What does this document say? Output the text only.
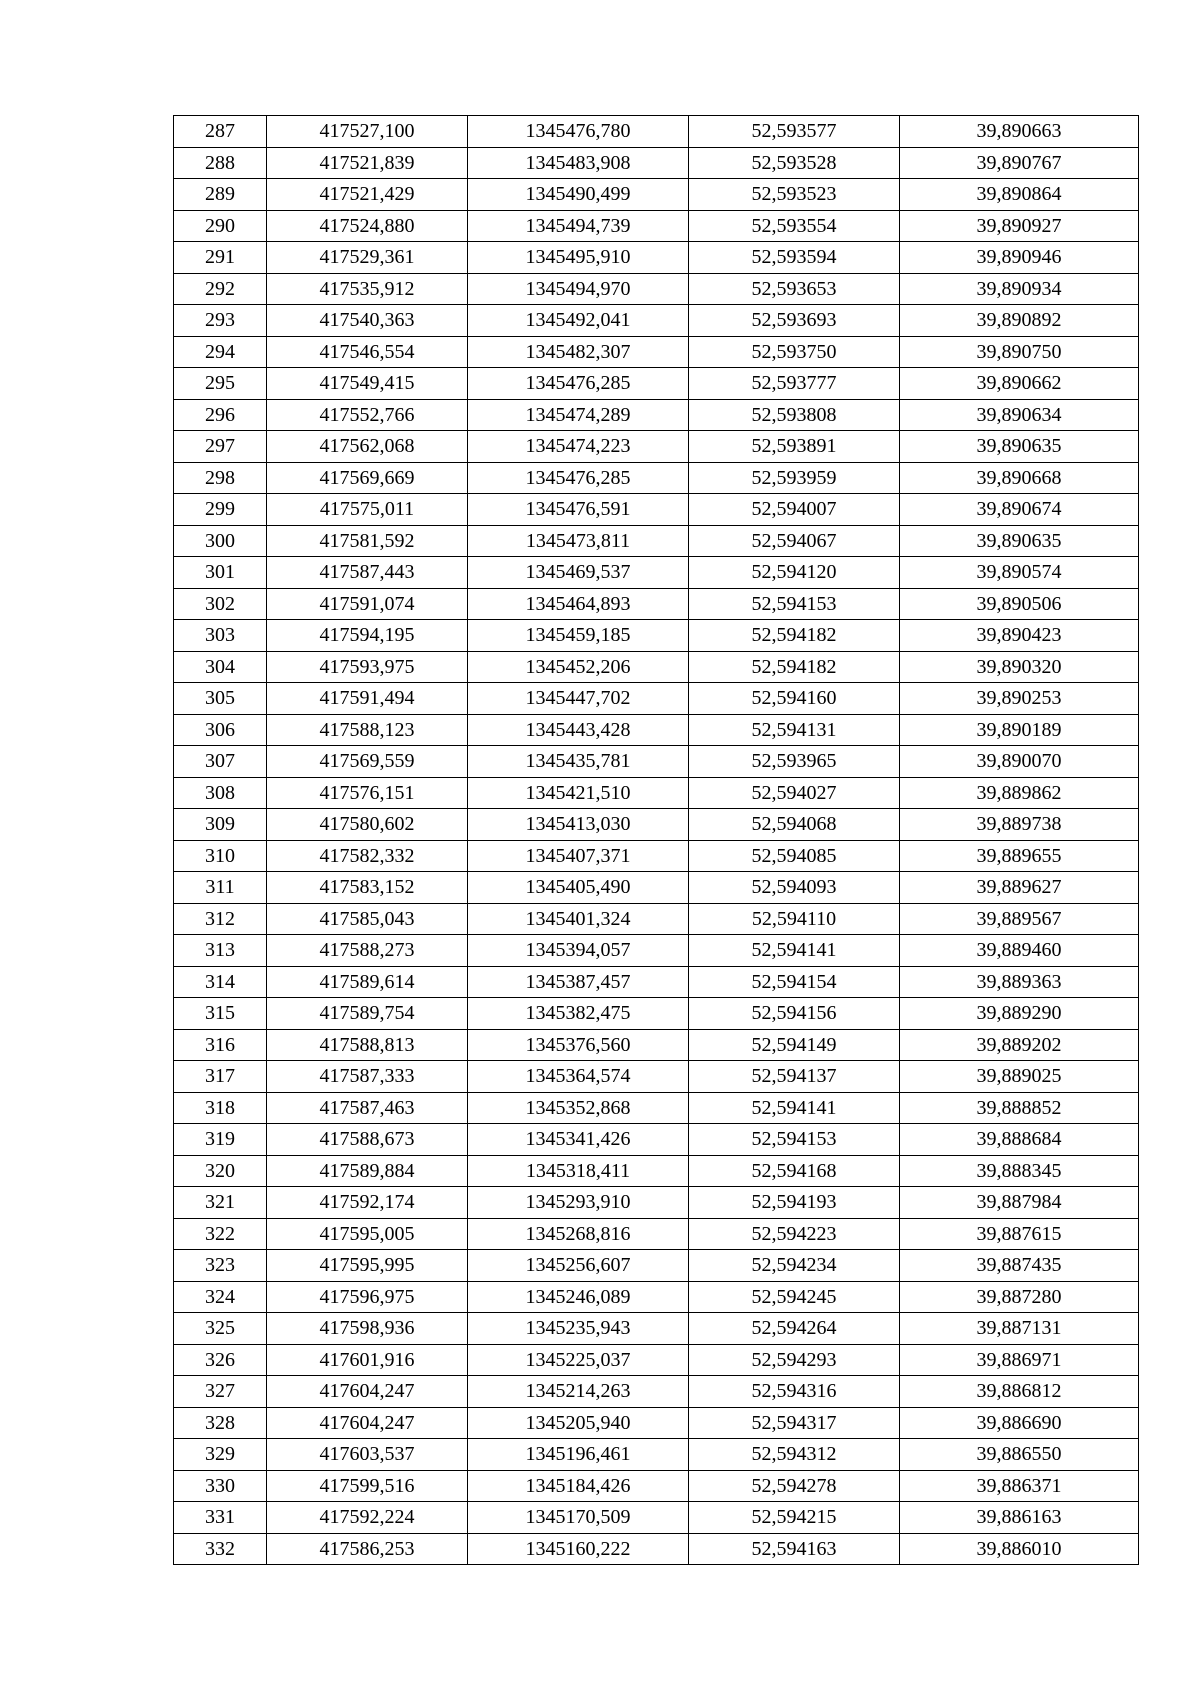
287	417527,100	1345476,780	52,593577	39,890663
288	417521,839	1345483,908	52,593528	39,890767
289	417521,429	1345490,499	52,593523	39,890864
290	417524,880	1345494,739	52,593554	39,890927
291	417529,361	1345495,910	52,593594	39,890946
292	417535,912	1345494,970	52,593653	39,890934
293	417540,363	1345492,041	52,593693	39,890892
294	417546,554	1345482,307	52,593750	39,890750
295	417549,415	1345476,285	52,593777	39,890662
296	417552,766	1345474,289	52,593808	39,890634
297	417562,068	1345474,223	52,593891	39,890635
298	417569,669	1345476,285	52,593959	39,890668
299	417575,011	1345476,591	52,594007	39,890674
300	417581,592	1345473,811	52,594067	39,890635
301	417587,443	1345469,537	52,594120	39,890574
302	417591,074	1345464,893	52,594153	39,890506
303	417594,195	1345459,185	52,594182	39,890423
304	417593,975	1345452,206	52,594182	39,890320
305	417591,494	1345447,702	52,594160	39,890253
306	417588,123	1345443,428	52,594131	39,890189
307	417569,559	1345435,781	52,593965	39,890070
308	417576,151	1345421,510	52,594027	39,889862
309	417580,602	1345413,030	52,594068	39,889738
310	417582,332	1345407,371	52,594085	39,889655
311	417583,152	1345405,490	52,594093	39,889627
312	417585,043	1345401,324	52,594110	39,889567
313	417588,273	1345394,057	52,594141	39,889460
314	417589,614	1345387,457	52,594154	39,889363
315	417589,754	1345382,475	52,594156	39,889290
316	417588,813	1345376,560	52,594149	39,889202
317	417587,333	1345364,574	52,594137	39,889025
318	417587,463	1345352,868	52,594141	39,888852
319	417588,673	1345341,426	52,594153	39,888684
320	417589,884	1345318,411	52,594168	39,888345
321	417592,174	1345293,910	52,594193	39,887984
322	417595,005	1345268,816	52,594223	39,887615
323	417595,995	1345256,607	52,594234	39,887435
324	417596,975	1345246,089	52,594245	39,887280
325	417598,936	1345235,943	52,594264	39,887131
326	417601,916	1345225,037	52,594293	39,886971
327	417604,247	1345214,263	52,594316	39,886812
328	417604,247	1345205,940	52,594317	39,886690
329	417603,537	1345196,461	52,594312	39,886550
330	417599,516	1345184,426	52,594278	39,886371
331	417592,224	1345170,509	52,594215	39,886163
332	417586,253	1345160,222	52,594163	39,886010
